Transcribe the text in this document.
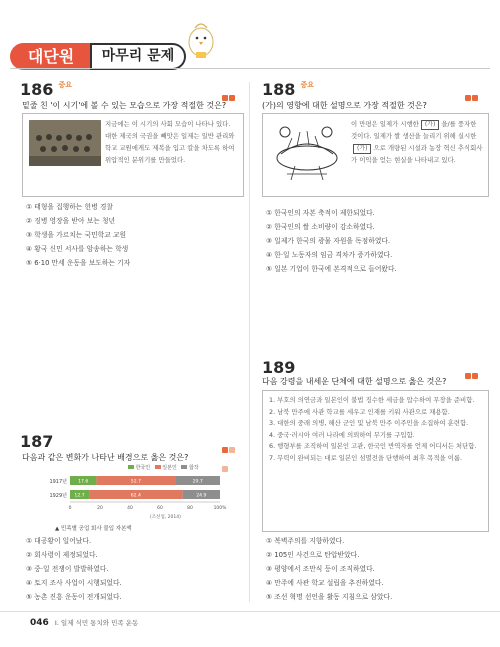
대단원	마무리 문제
186 $^{중요}$
밑줄 친 '이 시기'에 볼 수 있는 모습으로 가장 적절한 것은?
지금에는 이 시기의 사회 모습이 나타나 있다. 대한 제국의 국권을 빼앗은 일제는 일반 관리와 학교 교원에게도 제복을 입고 칼을 차도록 하여 위압적인 분위기를 만들었다.
① 태형을 집행하는 헌병 경찰
② 징병 영장을 받아 보는 청년
③ 학생을 가르치는 국민학교 교원
④ 황국 신민 서사를 암송하는 학생
⑤ 6·10 만세 운동을 보도하는 기자
187
다음과 같은 변화가 나타난 배경으로 옳은 것은?
한국인 일본인 합작
1917년 17.6	52.7	29.7
1929년 12.7	62.4	24.9
0	20	40	60	80	100%
(조선업, 2014)
▲ 민족별 공업 회사 불입 자본액
① 대공황이 일어났다.
② 회사령이 제정되었다.
③ 중·일 전쟁이 발발하였다.
④ 토지 조사 사업이 시행되었다.
⑤ 농촌 진흥 운동이 전개되었다.
188 $^{중요}$
(가)의 영향에 대한 설명으로 가장 적절한 것은?
이 만평은 일제가 시행한 (가) 을/를 풍자한 것이다. 일제가 쌀 생산을 늘리기 위해 실시한(가) 으로 개량된 시설과 농장 혁신 추식회사가 이익을 얻는 현실을 나타내고 있다.
① 한국인의 자본 축적이 제한되었다.
② 한국인의 쌀 소비량이 감소하였다.
③ 일제가 한국의 광물 자원을 독점하였다.
④ 한·일 노동자의 임금 격차가 증가하였다.
⑤ 일본 기업이 한국에 본격적으로 들어왔다.
189
다음 강령을 내세운 단체에 대한 설명으로 옳은 것은?
1. 부호의 의연금과 일본인이 불법 징수한 세금을 압수하여 무장을 준비함.
2. 남북 만주에 사관 학교를 세우고 인재를 키워 사관으로 채용함.
3. 대한의 중래 의병, 해산 군인 및 남북 만주 이주민을 소집하여 훈련함.
4. 중국·러시아 여러 나라에 의뢰하여 무기를 구입함.
6. 행형부를 조직하여 일본인 고관, 한국인 반역자를 언제 어디서든 처단함.
7. 무력이 완비되는 대로 일본인 섬멸전을 단행하여 최후 목적을 이룸.
① 복벽주의를 지향하였다.
② 105인 사건으로 탄압받았다.
③ 평양에서 조만식 등이 조직하였다.
④ 만주에 사관 학교 설립을 추진하였다.
⑤ 조선 혁명 선언을 활동 지침으로 삼았다.
046 Ⅰ. 일제 식민 통치와 민족 운동
